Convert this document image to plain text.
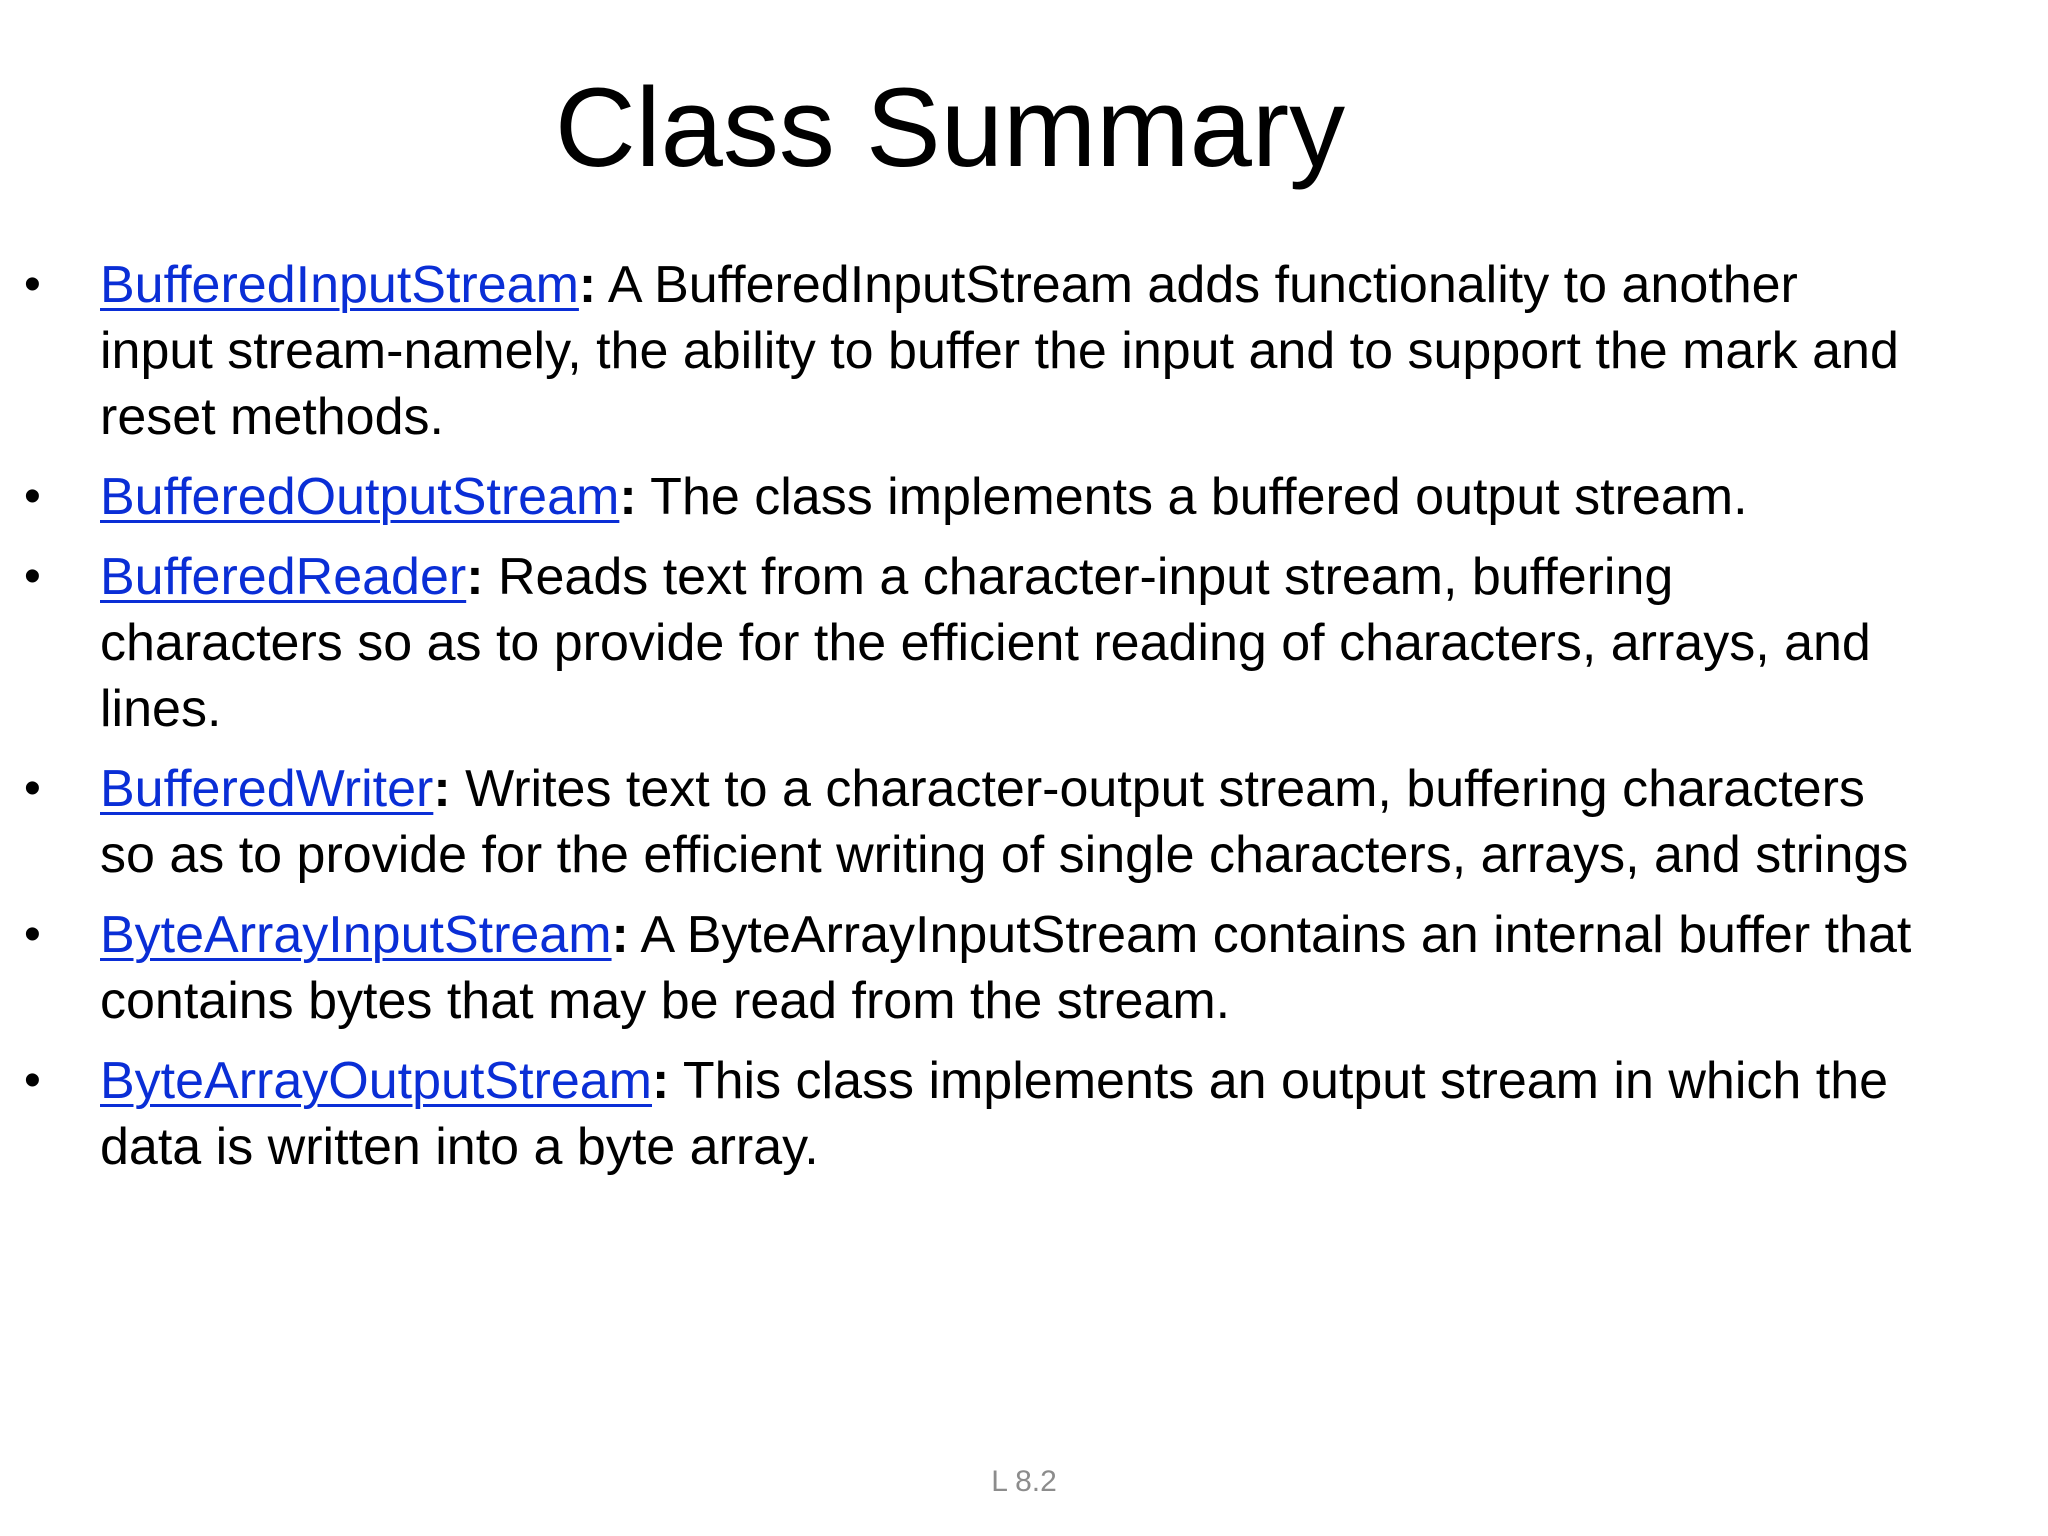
Class Summary
• BufferedInputStream: A BufferedInputStream adds functionality to another input stream-namely, the ability to buffer the input and to support the mark and reset methods.
• BufferedOutputStream: The class implements a buffered output stream.
• BufferedReader: Reads text from a character-input stream, buffering characters so as to provide for the efficient reading of characters, arrays, and lines.
• BufferedWriter: Writes text to a character-output stream, buffering characters so as to provide for the efficient writing of single characters, arrays, and strings
• ByteArrayInputStream: A ByteArrayInputStream contains an internal buffer that contains bytes that may be read from the stream.
• ByteArrayOutputStream: This class implements an output stream in which the data is written into a byte array.
L 8.2
